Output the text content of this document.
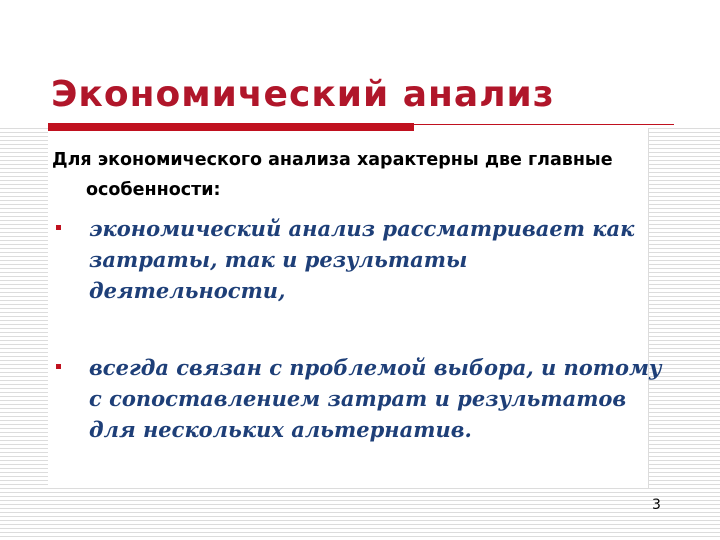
Экономический анализ
Для экономического анализа характерны две главные особенности:
экономический анализ рассматривает как затраты, так и результаты деятельности,
всегда связан с проблемой выбора, и потому с сопоставлением затрат и результатов для нескольких альтернатив.
3
